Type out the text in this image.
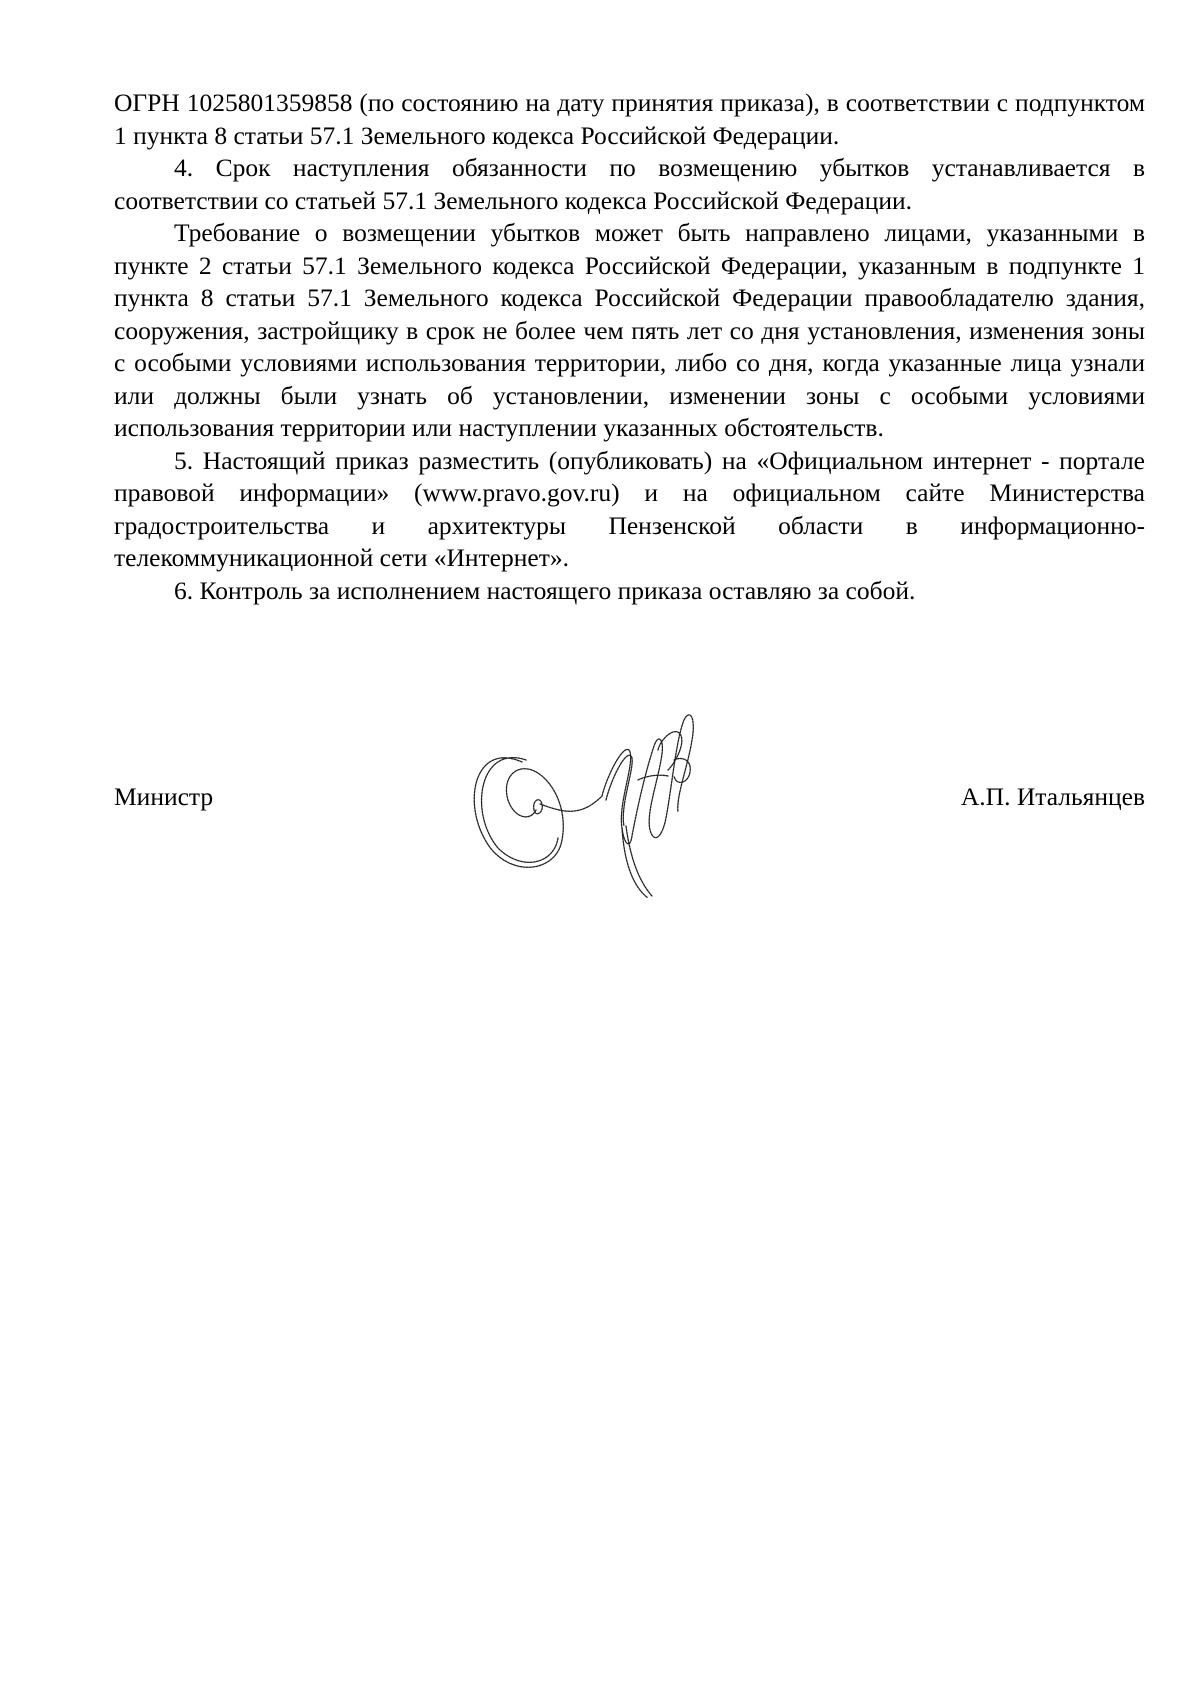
ОГРН 1025801359858 (по состоянию на дату принятия приказа), в соответствии с подпунктом 1 пункта 8 статьи 57.1 Земельного кодекса Российской Федерации.

4. Срок наступления обязанности по возмещению убытков устанавливается в соответствии со статьей 57.1 Земельного кодекса Российской Федерации.

Требование о возмещении убытков может быть направлено лицами, указанными в пункте 2 статьи 57.1 Земельного кодекса Российской Федерации, указанным в подпункте 1 пункта 8 статьи 57.1 Земельного кодекса Российской Федерации правообладателю здания, сооружения, застройщику в срок не более чем пять лет со дня установления, изменения зоны с особыми условиями использования территории, либо со дня, когда указанные лица узнали или должны были узнать об установлении, изменении зоны с особыми условиями использования территории или наступлении указанных обстоятельств.

5. Настоящий приказ разместить (опубликовать) на «Официальном интернет - портале правовой информации» (www.pravo.gov.ru) и на официальном сайте Министерства градостроительства и архитектуры Пензенской области в информационно-телекоммуникационной сети «Интернет».

6. Контроль за исполнением настоящего приказа оставляю за собой.

Министр	А.П. Итальянцев
